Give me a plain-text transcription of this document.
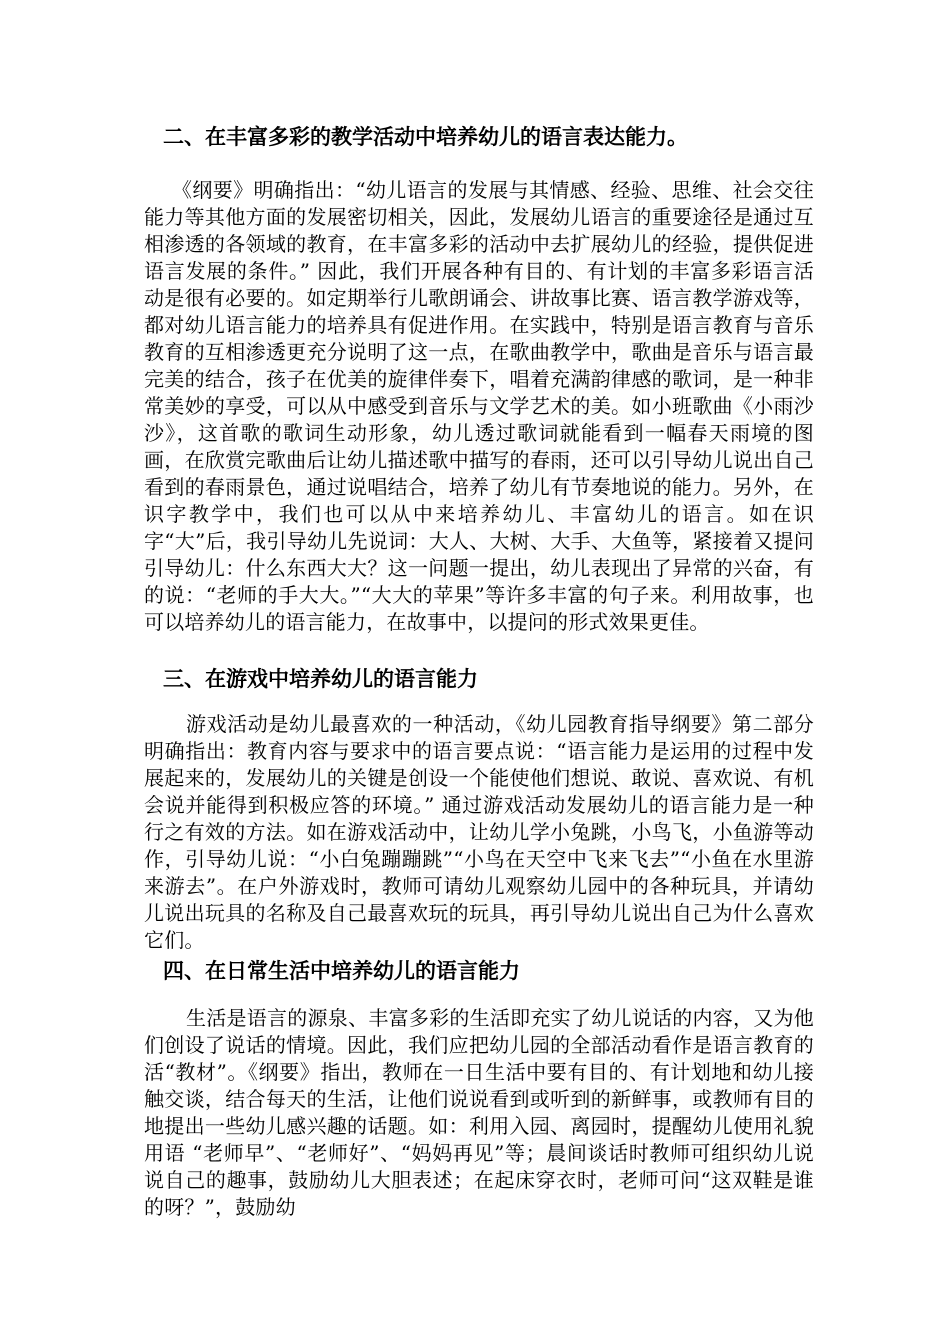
二、在丰富多彩的教学活动中培养幼儿的语言表达能力。

《纲要》明确指出：“幼儿语言的发展与其情感、经验、思维、社会交往能力等其他方面的发展密切相关，因此，发展幼儿语言的重要途径是通过互相渗透的各领域的教育，在丰富多彩的活动中去扩展幼儿的经验，提供促进语言发展的条件。” 因此，我们开展各种有目的、有计划的丰富多彩语言活动是很有必要的。如定期举行儿歌朗诵会、讲故事比赛、语言教学游戏等，都对幼儿语言能力的培养具有促进作用。在实践中，特别是语言教育与音乐教育的互相渗透更充分说明了这一点，在歌曲教学中，歌曲是音乐与语言最完美的结合，孩子在优美的旋律伴奏下，唱着充满韵律感的歌词，是一种非常美妙的享受，可以从中感受到音乐与文学艺术的美。如小班歌曲《小雨沙沙》，这首歌的歌词生动形象，幼儿透过歌词就能看到一幅春天雨境的图画，在欣赏完歌曲后让幼儿描述歌中描写的春雨，还可以引导幼儿说出自己看到的春雨景色，通过说唱结合，培养了幼儿有节奏地说的能力。另外，在识字教学中，我们也可以从中来培养幼儿、丰富幼儿的语言。如在识字“大”后，我引导幼儿先说词：大人、大树、大手、大鱼等，紧接着又提问引导幼儿：什么东西大大？这一问题一提出，幼儿表现出了异常的兴奋，有的说：“老师的手大大。”“大大的苹果”等许多丰富的句子来。利用故事，也可以培养幼儿的语言能力，在故事中，以提问的形式效果更佳。

三、在游戏中培养幼儿的语言能力

游戏活动是幼儿最喜欢的一种活动，《幼儿园教育指导纲要》第二部分明确指出：教育内容与要求中的语言要点说：“语言能力是运用的过程中发展起来的，发展幼儿的关键是创设一个能使他们想说、敢说、喜欢说、有机会说并能得到积极应答的环境。” 通过游戏活动发展幼儿的语言能力是一种行之有效的方法。如在游戏活动中，让幼儿学小兔跳，小鸟飞，小鱼游等动作，引导幼儿说：“小白兔蹦蹦跳”“小鸟在天空中飞来飞去”“小鱼在水里游来游去”。在户外游戏时，教师可请幼儿观察幼儿园中的各种玩具，并请幼儿说出玩具的名称及自己最喜欢玩的玩具，再引导幼儿说出自己为什么喜欢它们。

四、在日常生活中培养幼儿的语言能力

生活是语言的源泉、丰富多彩的生活即充实了幼儿说话的内容，又为他们创设了说话的情境。因此，我们应把幼儿园的全部活动看作是语言教育的活“教材”。《纲要》指出，教师在一日生活中要有目的、有计划地和幼儿接触交谈，结合每天的生活，让他们说说看到或听到的新鲜事，或教师有目的地提出一些幼儿感兴趣的话题。如：利用入园、离园时，提醒幼儿使用礼貌用语 “老师早”、“老师好”、“妈妈再见”等；晨间谈话时教师可组织幼儿说说自己的趣事，鼓励幼儿大胆表述；在起床穿衣时，老师可问“这双鞋是谁的呀？”，鼓励幼
